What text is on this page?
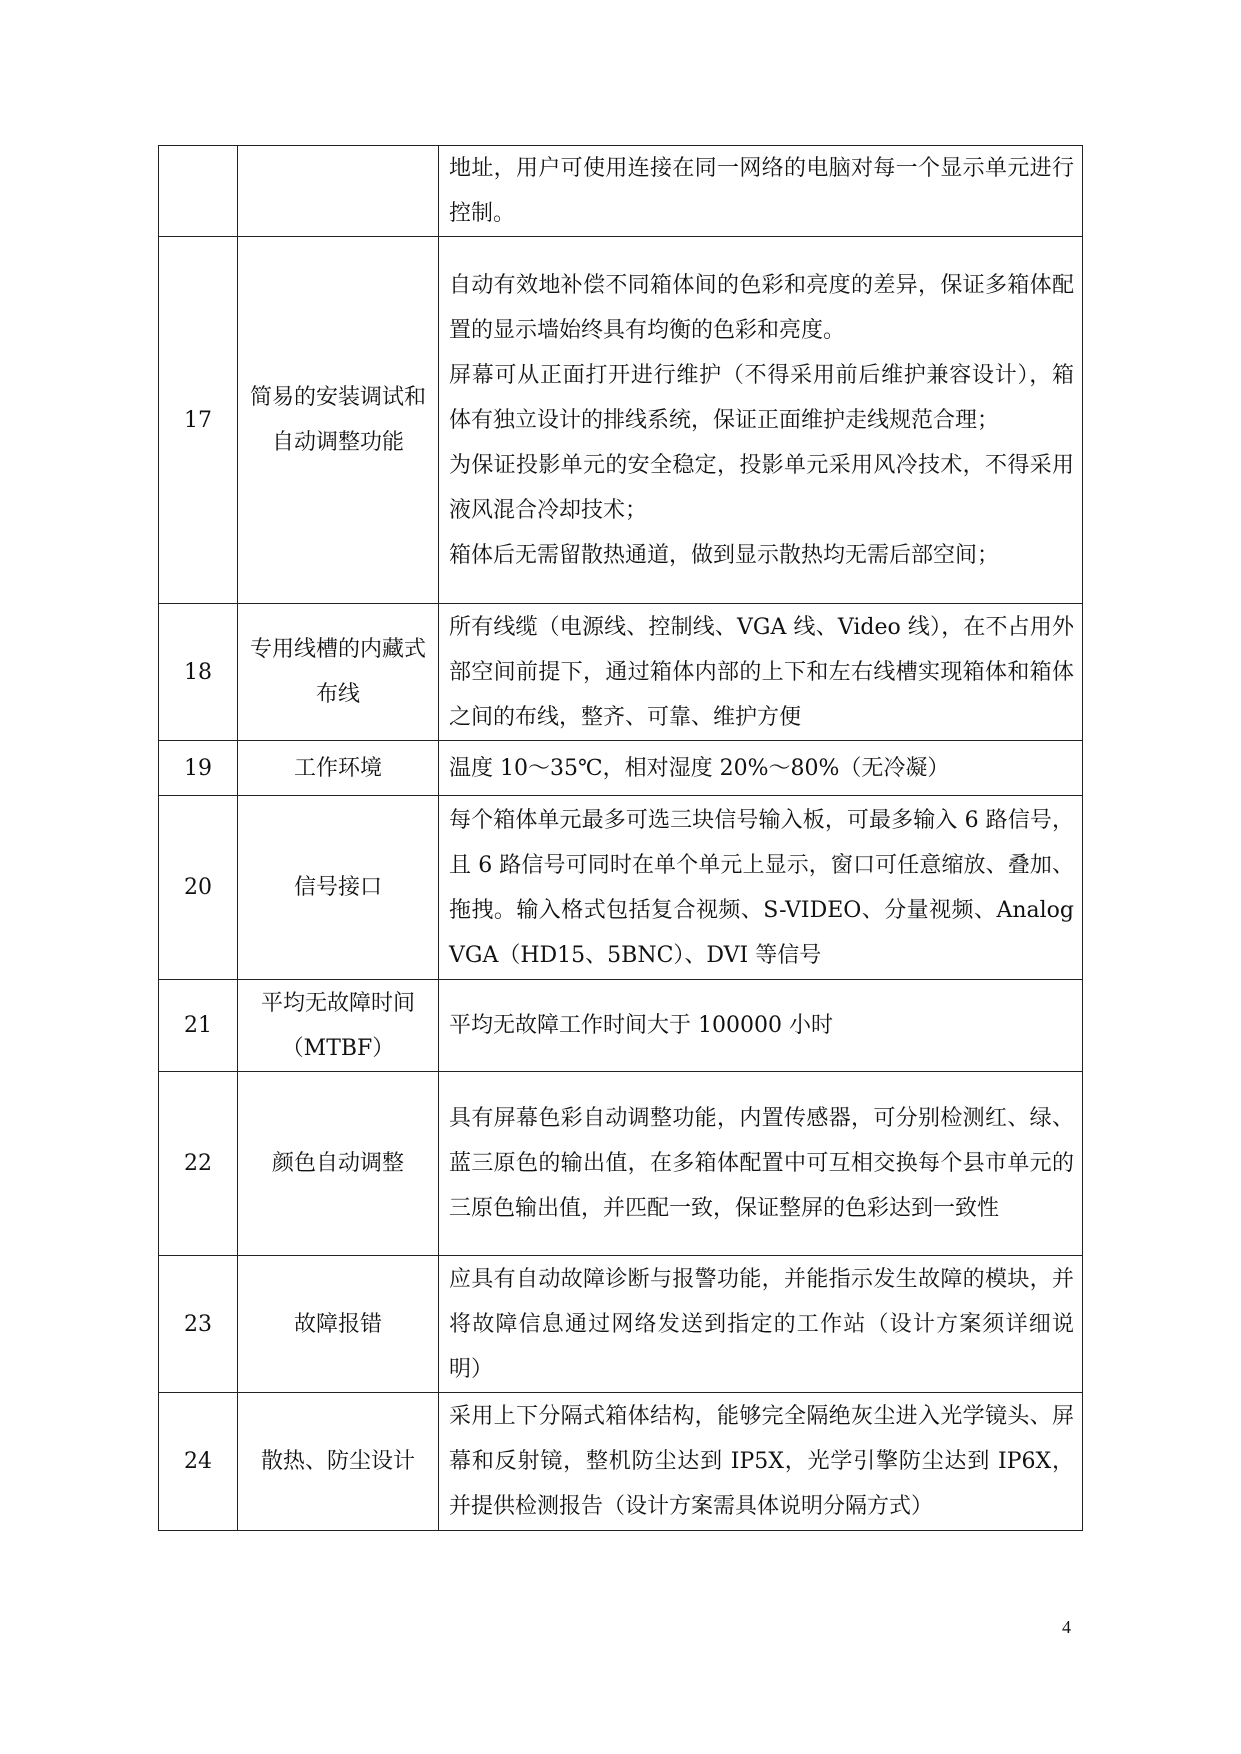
		地址，用户可使用连接在同一网络的电脑对每一个显示单元进行控制。

17	简易的安装调试和自动调整功能	自动有效地补偿不同箱体间的色彩和亮度的差异，保证多箱体配置的显示墙始终具有均衡的色彩和亮度。
屏幕可从正面打开进行维护（不得采用前后维护兼容设计），箱体有独立设计的排线系统，保证正面维护走线规范合理；
为保证投影单元的安全稳定，投影单元采用风冷技术，不得采用液风混合冷却技术；
箱体后无需留散热通道，做到显示散热均无需后部空间；

18	专用线槽的内藏式布线	所有线缆（电源线、控制线、VGA 线、Video 线），在不占用外部空间前提下，通过箱体内部的上下和左右线槽实现箱体和箱体之间的布线，整齐、可靠、维护方便

19	工作环境	温度 10～35℃，相对湿度 20%～80%（无冷凝）

20	信号接口	每个箱体单元最多可选三块信号输入板，可最多输入 6 路信号，且 6 路信号可同时在单个单元上显示，窗口可任意缩放、叠加、拖拽。输入格式包括复合视频、S-VIDEO、分量视频、Analog VGA（HD15、5BNC）、DVI 等信号

21	平均无故障时间（MTBF）	平均无故障工作时间大于 100000 小时

22	颜色自动调整	具有屏幕色彩自动调整功能，内置传感器，可分别检测红、绿、蓝三原色的输出值，在多箱体配置中可互相交换每个县市单元的三原色输出值，并匹配一致，保证整屏的色彩达到一致性

23	故障报错	应具有自动故障诊断与报警功能，并能指示发生故障的模块，并将故障信息通过网络发送到指定的工作站（设计方案须详细说明）

24	散热、防尘设计	采用上下分隔式箱体结构，能够完全隔绝灰尘进入光学镜头、屏幕和反射镜，整机防尘达到 IP5X，光学引擎防尘达到 IP6X，并提供检测报告（设计方案需具体说明分隔方式）
4
